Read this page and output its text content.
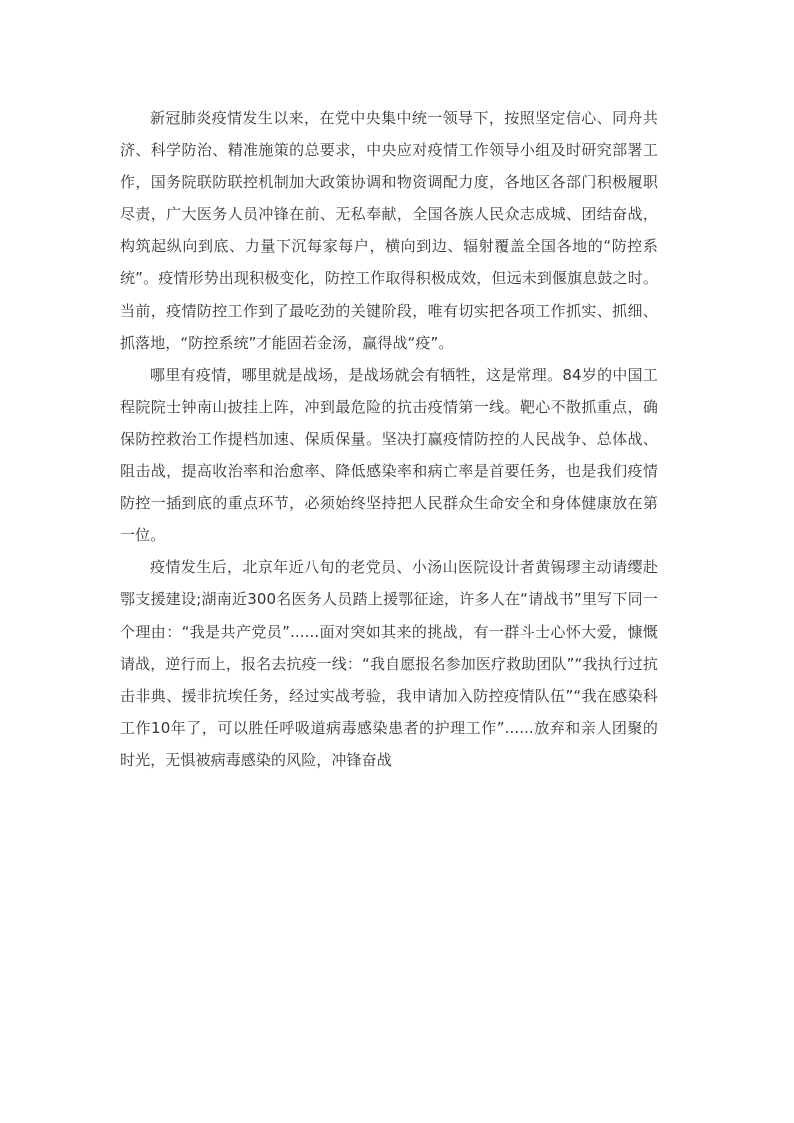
新冠肺炎疫情发生以来，在党中央集中统一领导下，按照坚定信心、同舟共济、科学防治、精准施策的总要求，中央应对疫情工作领导小组及时研究部署工作，国务院联防联控机制加大政策协调和物资调配力度，各地区各部门积极履职尽责，广大医务人员冲锋在前、无私奉献，全国各族人民众志成城、团结奋战，构筑起纵向到底、力量下沉每家每户，横向到边、辐射覆盖全国各地的“防控系统”。疫情形势出现积极变化，防控工作取得积极成效，但远未到偃旗息鼓之时。当前，疫情防控工作到了最吃劲的关键阶段，唯有切实把各项工作抓实、抓细、抓落地，“防控系统”才能固若金汤，赢得战“疫”。

哪里有疫情，哪里就是战场，是战场就会有牺牲，这是常理。84岁的中国工程院院士钟南山披挂上阵，冲到最危险的抗击疫情第一线。靶心不散抓重点，确保防控救治工作提档加速、保质保量。坚决打赢疫情防控的人民战争、总体战、阻击战，提高收治率和治愈率、降低感染率和病亡率是首要任务，也是我们疫情防控一插到底的重点环节，必须始终坚持把人民群众生命安全和身体健康放在第一位。

疫情发生后，北京年近八旬的老党员、小汤山医院设计者黄锡璆主动请缨赴鄂支援建设;湖南近300名医务人员踏上援鄂征途，许多人在“请战书”里写下同一个理由：“我是共产党员”......面对突如其来的挑战，有一群斗士心怀大爱，慷慨请战，逆行而上，报名去抗疫一线：“我自愿报名参加医疗救助团队”“我执行过抗击非典、援非抗埃任务，经过实战考验，我申请加入防控疫情队伍”“我在感染科工作10年了，可以胜任呼吸道病毒感染患者的护理工作”......放弃和亲人团聚的时光，无惧被病毒感染的风险，冲锋奋战
